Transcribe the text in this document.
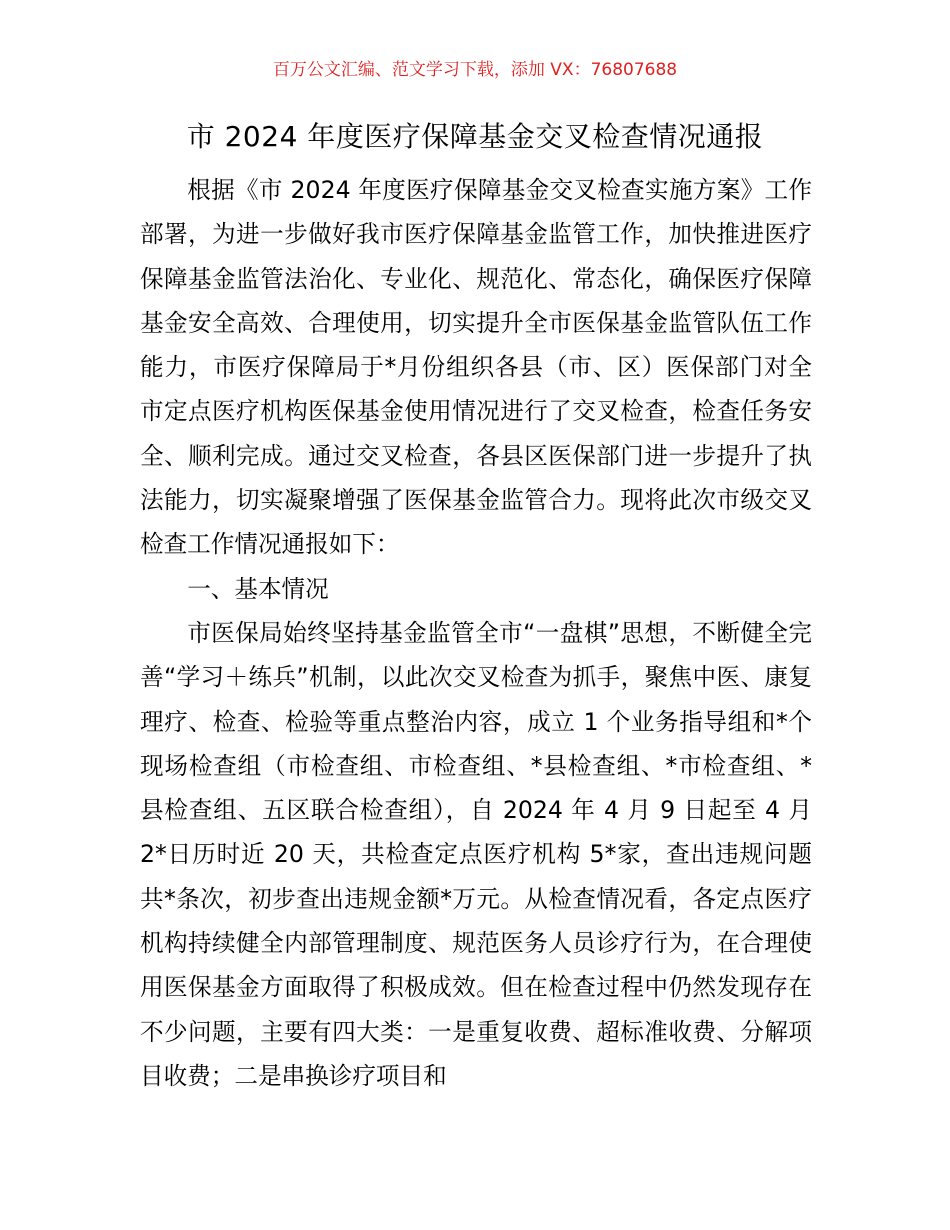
百万公文汇编、范文学习下载，添加 VX：76807688
市 2024 年度医疗保障基金交叉检查情况通报

根据《市 2024 年度医疗保障基金交叉检查实施方案》工作部署，为进一步做好我市医疗保障基金监管工作，加快推进医疗保障基金监管法治化、专业化、规范化、常态化，确保医疗保障基金安全高效、合理使用，切实提升全市医保基金监管队伍工作能力，市医疗保障局于*月份组织各县（市、区）医保部门对全市定点医疗机构医保基金使用情况进行了交叉检查，检查任务安全、顺利完成。通过交叉检查，各县区医保部门进一步提升了执法能力，切实凝聚增强了医保基金监管合力。现将此次市级交叉检查工作情况通报如下：

一、基本情况

市医保局始终坚持基金监管全市“一盘棋”思想，不断健全完善“学习＋练兵”机制，以此次交叉检查为抓手，聚焦中医、康复理疗、检查、检验等重点整治内容，成立 1 个业务指导组和*个现场检查组（市检查组、市检查组、*县检查组、*市检查组、*县检查组、五区联合检查组），自 2024 年 4 月 9 日起至 4 月 2*日历时近 20 天，共检查定点医疗机构 5*家，查出违规问题共*条次，初步查出违规金额*万元。从检查情况看，各定点医疗机构持续健全内部管理制度、规范医务人员诊疗行为，在合理使用医保基金方面取得了积极成效。但在检查过程中仍然发现存在不少问题，主要有四大类：一是重复收费、超标准收费、分解项目收费；二是串换诊疗项目和
